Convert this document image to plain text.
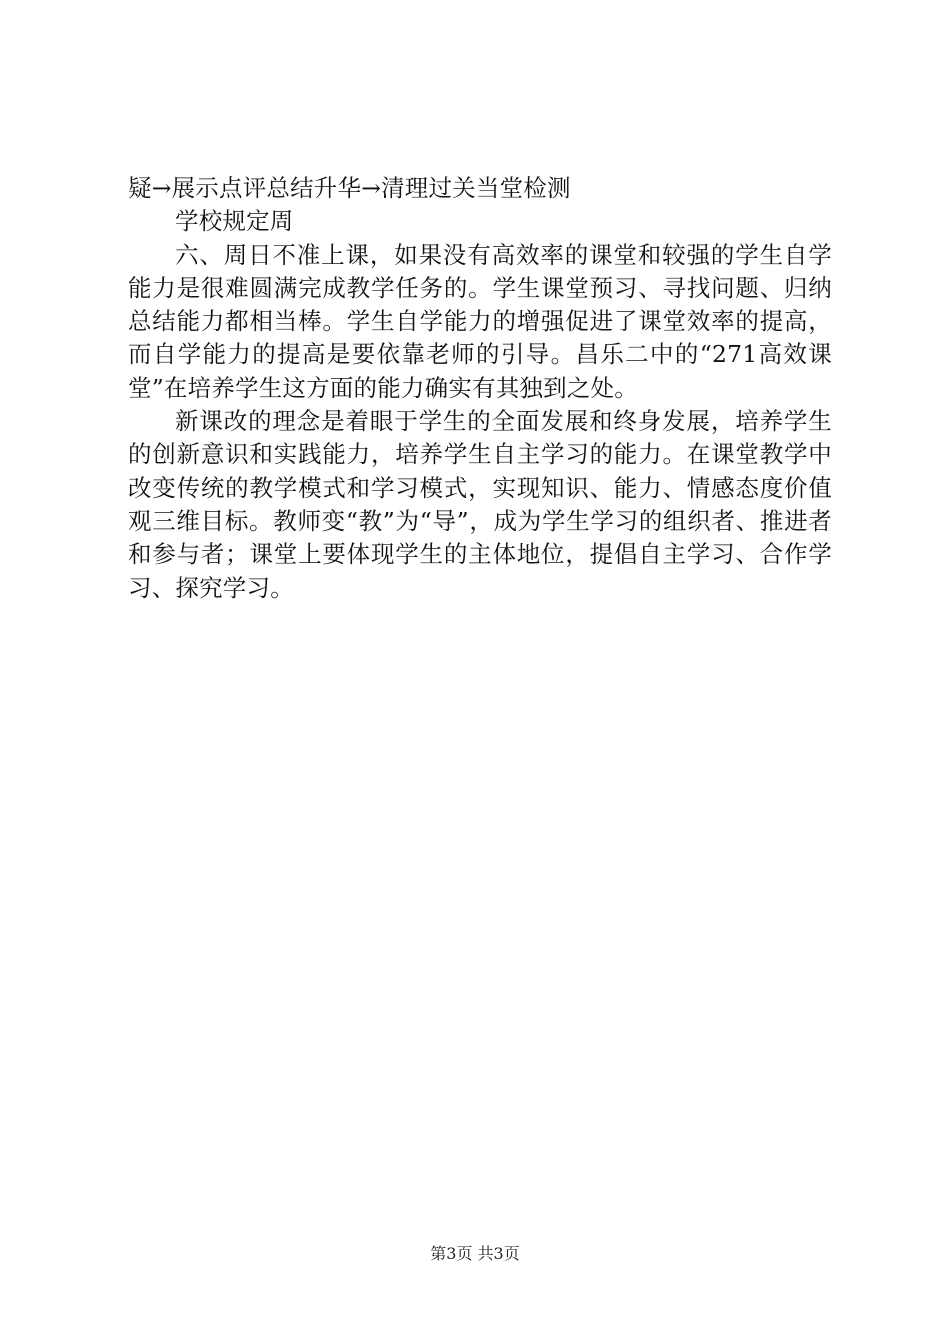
疑→展示点评总结升华→清理过关当堂检测

学校规定周

六、周日不准上课，如果没有高效率的课堂和较强的学生自学能力是很难圆满完成教学任务的。学生课堂预习、寻找问题、归纳总结能力都相当棒。学生自学能力的增强促进了课堂效率的提高，而自学能力的提高是要依靠老师的引导。昌乐二中的“271高效课堂”在培养学生这方面的能力确实有其独到之处。

新课改的理念是着眼于学生的全面发展和终身发展，培养学生的创新意识和实践能力，培养学生自主学习的能力。在课堂教学中改变传统的教学模式和学习模式，实现知识、能力、情感态度价值观三维目标。教师变“教”为“导”，成为学生学习的组织者、推进者和参与者；课堂上要体现学生的主体地位，提倡自主学习、合作学习、探究学习。

第3页 共3页
